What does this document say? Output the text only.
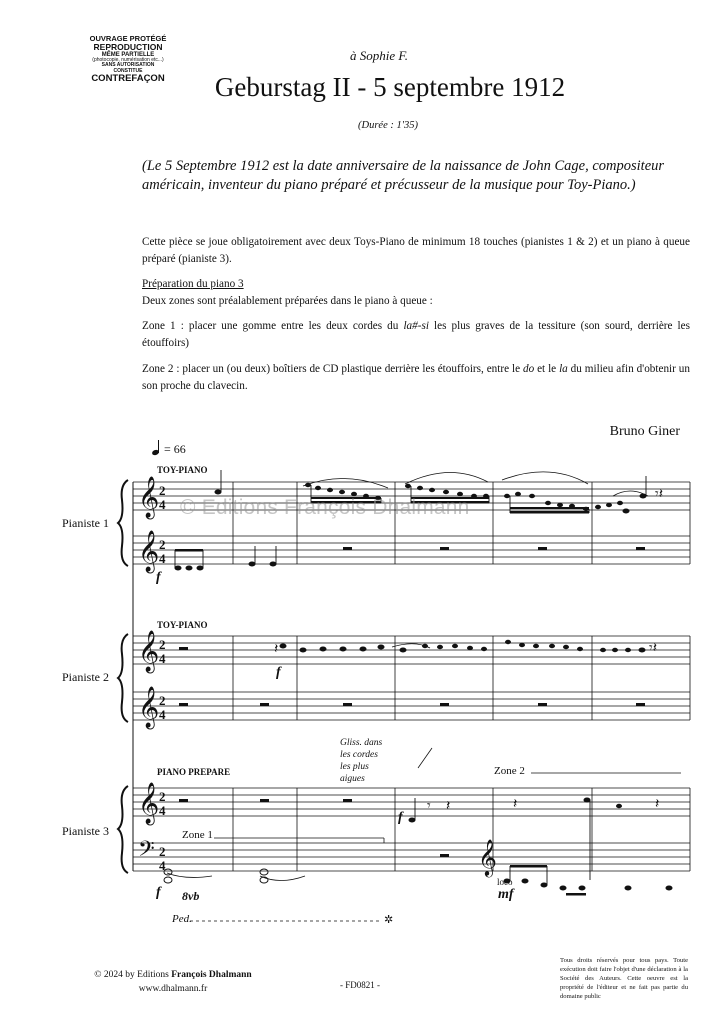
OUVRAGE PROTÉGÉ
REPRODUCTION
MÊME PARTIELLE
(photocopie, numérisation etc...)
SANS AUTORISATION
CONSTITUE
CONTREFAÇON
à Sophie F.
Geburstag II - 5 septembre 1912
(Durée : 1'35)
(Le 5 Septembre 1912 est la date anniversaire de la naissance de John Cage, compositeur américain, inventeur du piano préparé et précusseur de la musique pour Toy-Piano.)
Cette pièce se joue obligatoirement avec deux Toys-Piano de minimum 18 touches (pianistes 1 & 2) et un piano à queue préparé (pianiste 3).
Préparation du piano 3
Deux zones sont préalablement préparées dans le piano à queue :
Zone 1 : placer une gomme entre les deux cordes du la#-si les plus graves de la tessiture (son sourd, derrière les étouffoirs)
Zone 2 : placer un (ou deux) boîtiers de CD plastique derrière les étouffoirs, entre le do et le la du milieu afin d'obtenir un son proche du clavecin.
Bruno Giner
= 66
𝄞
𝄞
𝄞
𝄞
𝄞
𝄢	𝄞
2
4
2
4
2
4
2
4
2
4
2
4
𝄾𝄽
𝄽	𝄾𝄽
𝄾 𝄽	𝄽
𝄽
TOY-PIANO
Pianiste 1
f
© Editions François Dhalmann
TOY-PIANO
Pianiste 2	f
Gliss. dans
les cordes
les plus
aigues
PIANO PREPARE	Zone 2
Pianiste 3
f
Zone 1
f 8vb
loco
mf
Ped.	✲
© 2024 by Editions François Dhalmann
www.dhalmann.fr	- FD0821 -
Tous droits réservés pour tous pays. Toute exécution doit faire l'objet d'une déclaration à la Société des Auteurs. Cette oeuvre est la propriété de l'éditeur et ne fait pas partie du domaine public
